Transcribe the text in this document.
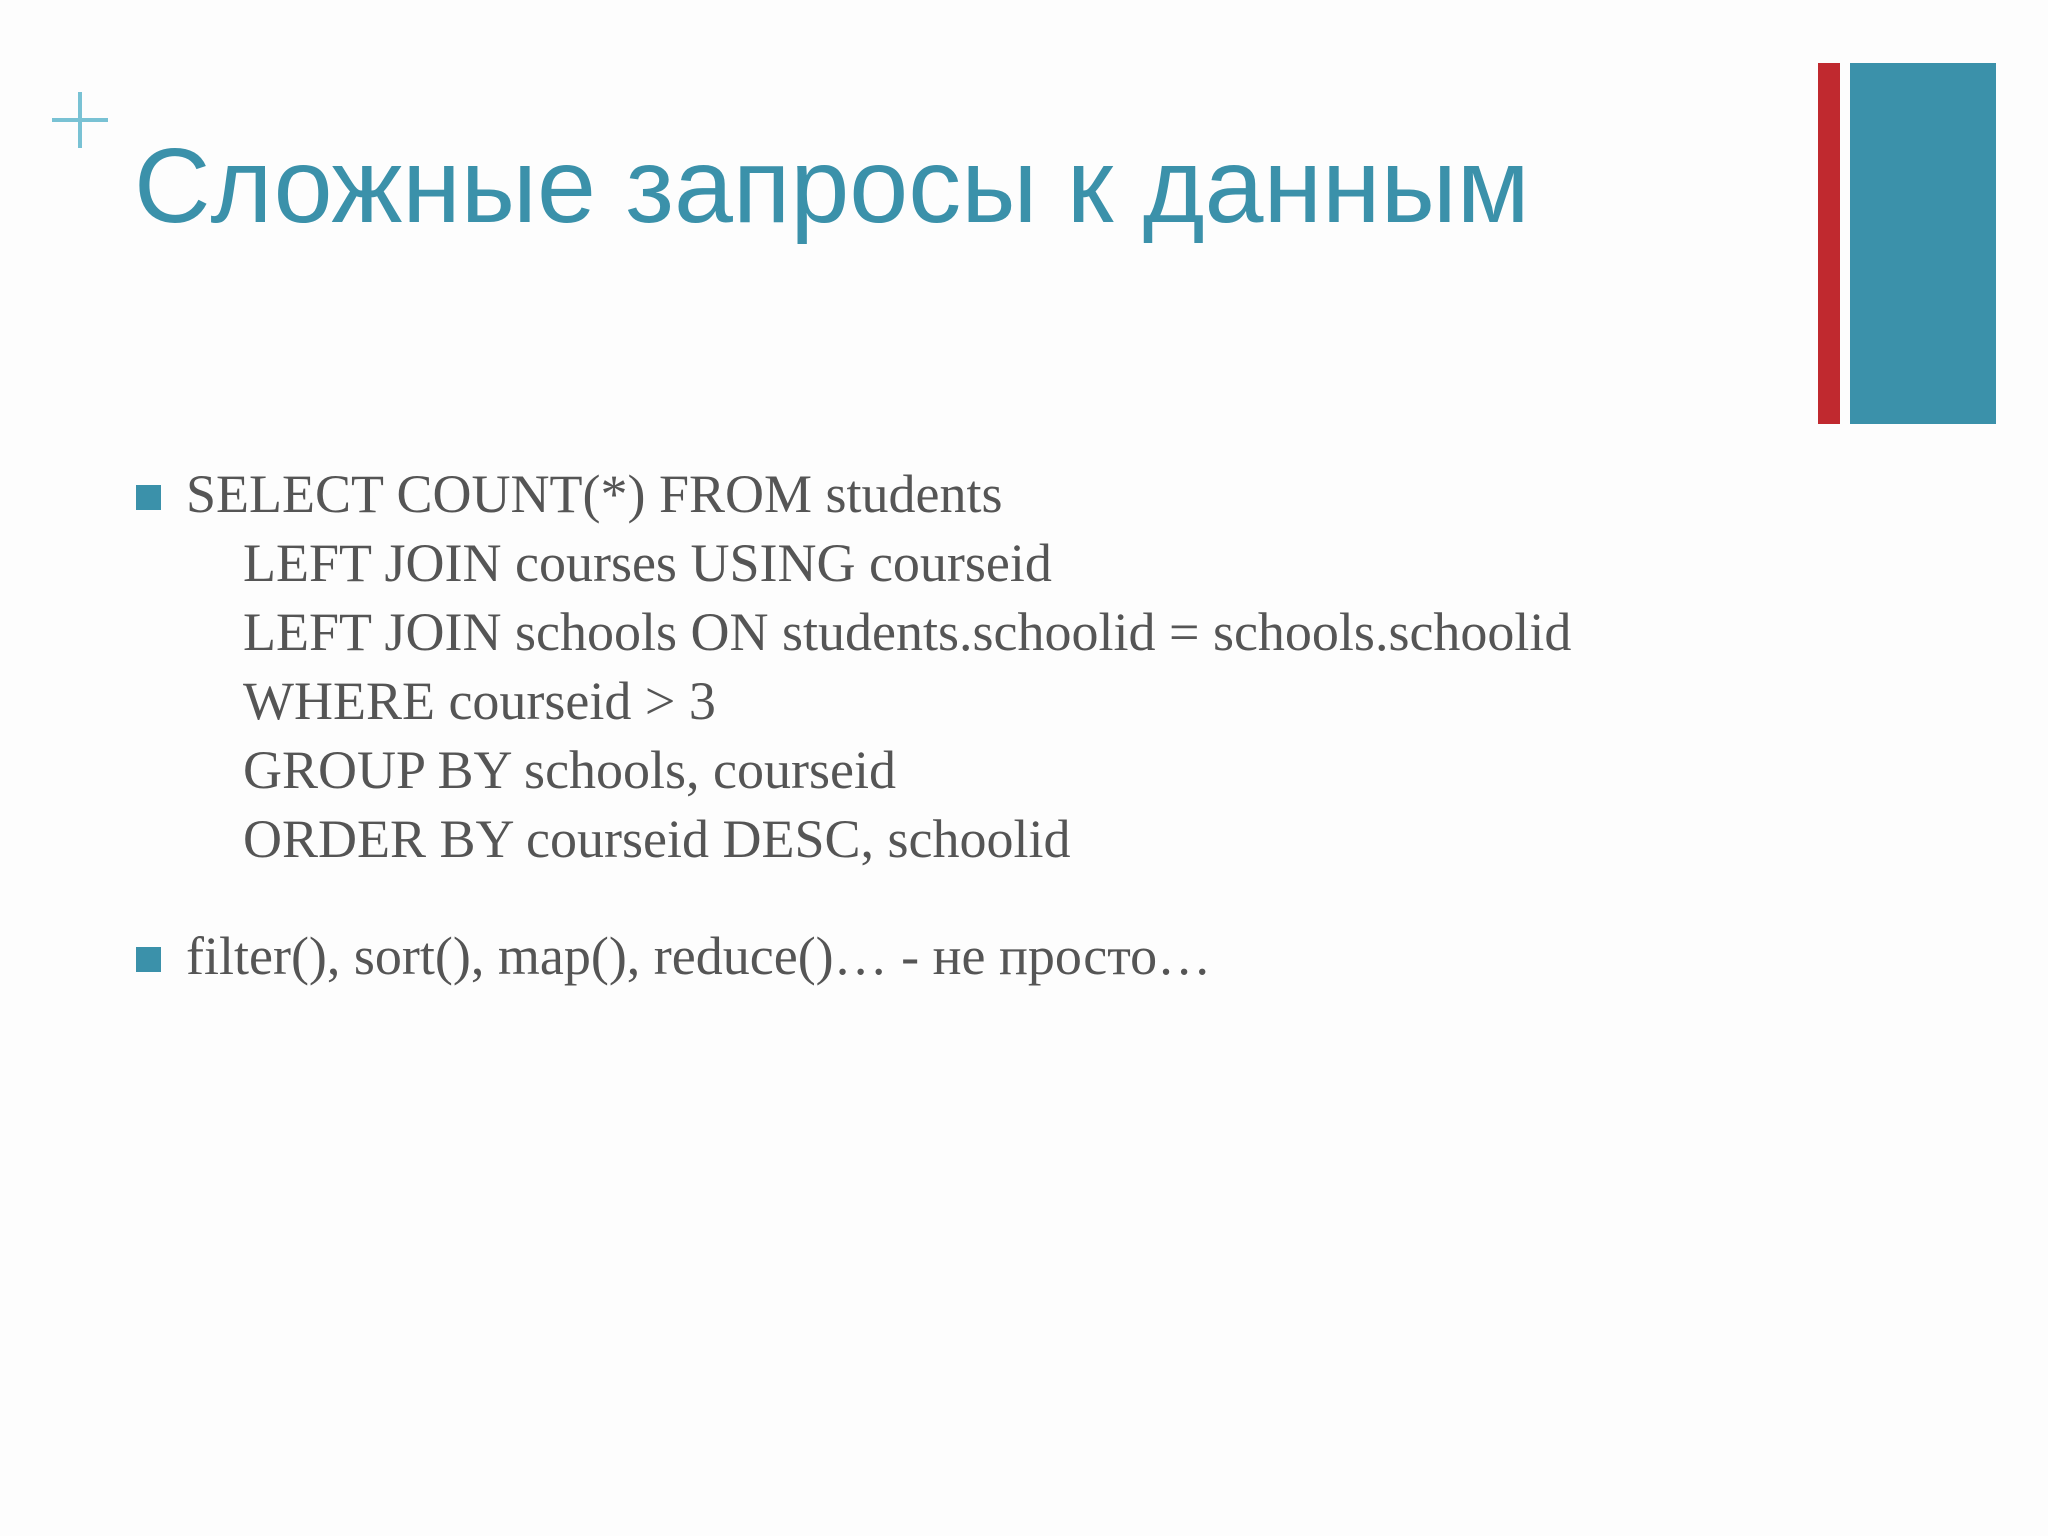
Сложные запросы к данным
SELECT COUNT(*) FROM students
LEFT JOIN courses USING courseid
LEFT JOIN schools ON students.schoolid = schools.schoolid
WHERE courseid > 3
GROUP BY schools, courseid
ORDER BY courseid DESC, schoolid
filter(), sort(), map(), reduce()… - не просто…
